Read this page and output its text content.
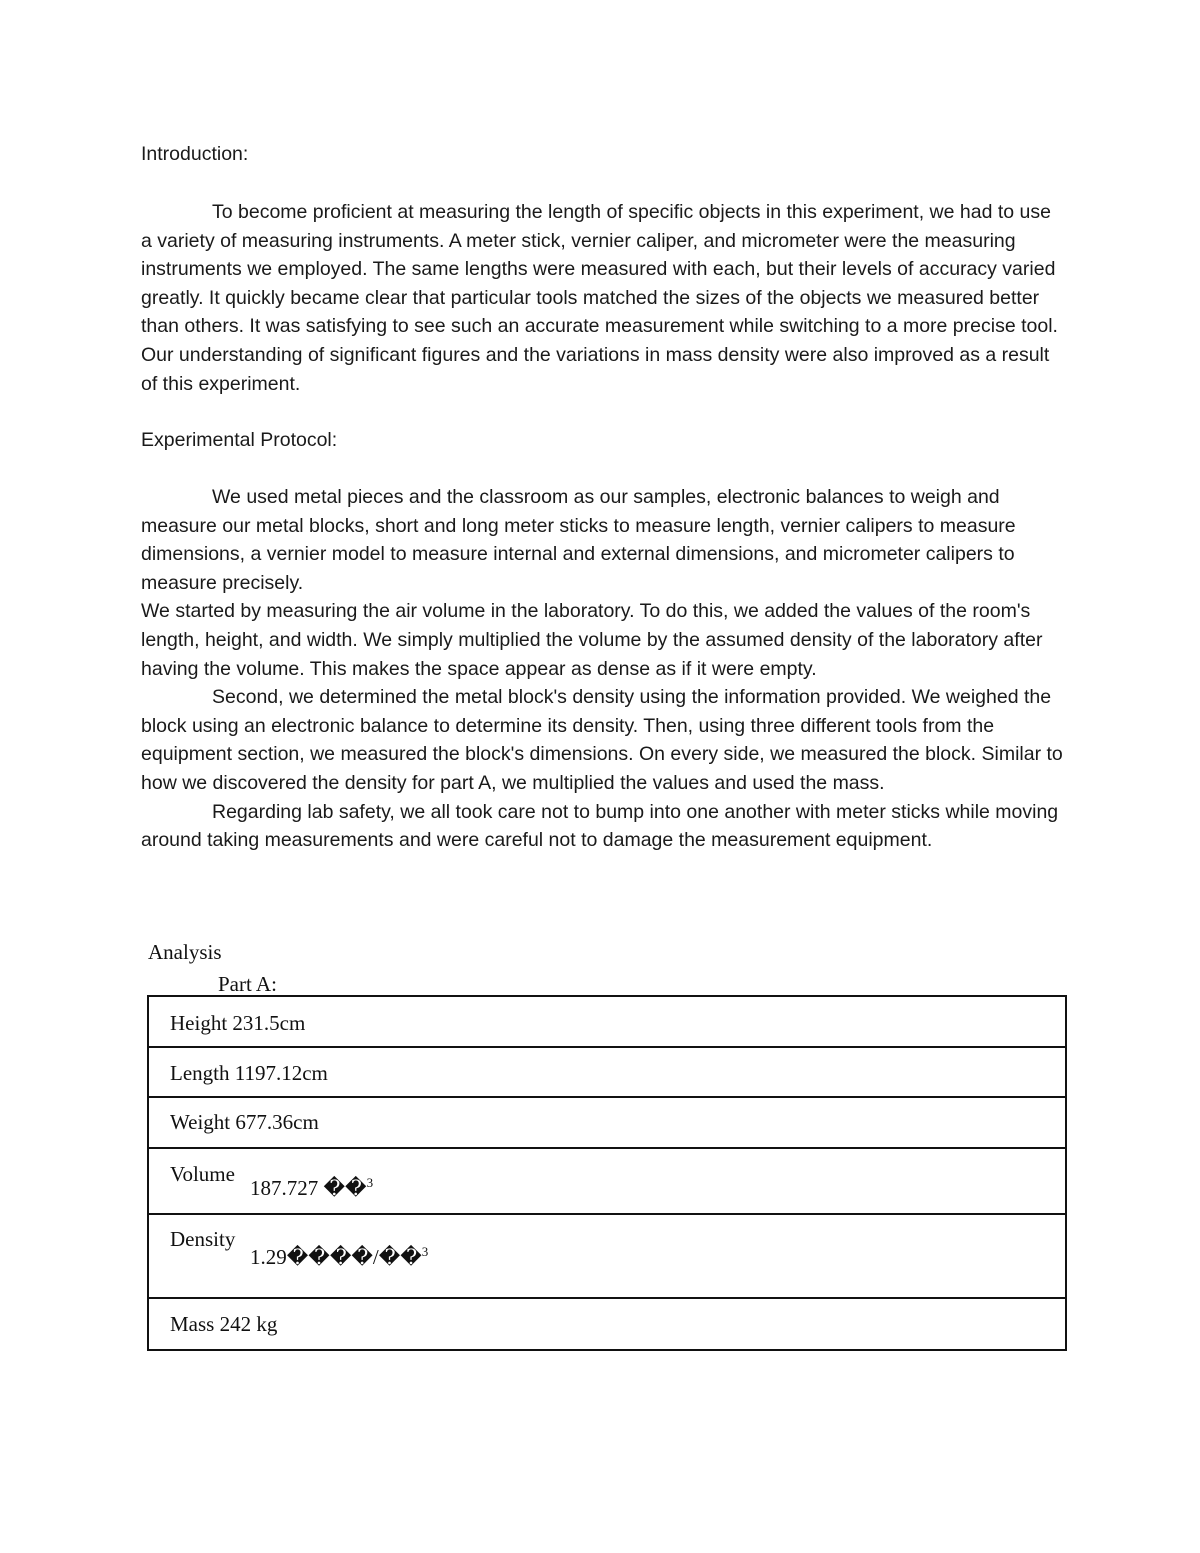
Introduction:

To become proficient at measuring the length of specific objects in this experiment, we had to use a variety of measuring instruments. A meter stick, vernier caliper, and micrometer were the measuring instruments we employed. The same lengths were measured with each, but their levels of accuracy varied greatly. It quickly became clear that particular tools matched the sizes of the objects we measured better than others. It was satisfying to see such an accurate measurement while switching to a more precise tool. Our understanding of significant figures and the variations in mass density were also improved as a result of this experiment.

Experimental Protocol:

We used metal pieces and the classroom as our samples, electronic balances to weigh and measure our metal blocks, short and long meter sticks to measure length, vernier calipers to measure dimensions, a vernier model to measure internal and external dimensions, and micrometer calipers to measure precisely.

We started by measuring the air volume in the laboratory. To do this, we added the values of the room's length, height, and width. We simply multiplied the volume by the assumed density of the laboratory after having the volume. This makes the space appear as dense as if it were empty.

Second, we determined the metal block's density using the information provided. We weighed the block using an electronic balance to determine its density. Then, using three different tools from the equipment section, we measured the block's dimensions. On every side, we measured the block. Similar to how we discovered the density for part A, we multiplied the values and used the mass.

Regarding lab safety, we all took care not to bump into one another with meter sticks while moving around taking measurements and were careful not to damage the measurement equipment.

Analysis
Part A:
Height 231.5cm
Length 1197.12cm
Weight 677.36cm
Volume
187.727 ��$^3$
Density
1.29����/��$^3$
Mass 242 kg
